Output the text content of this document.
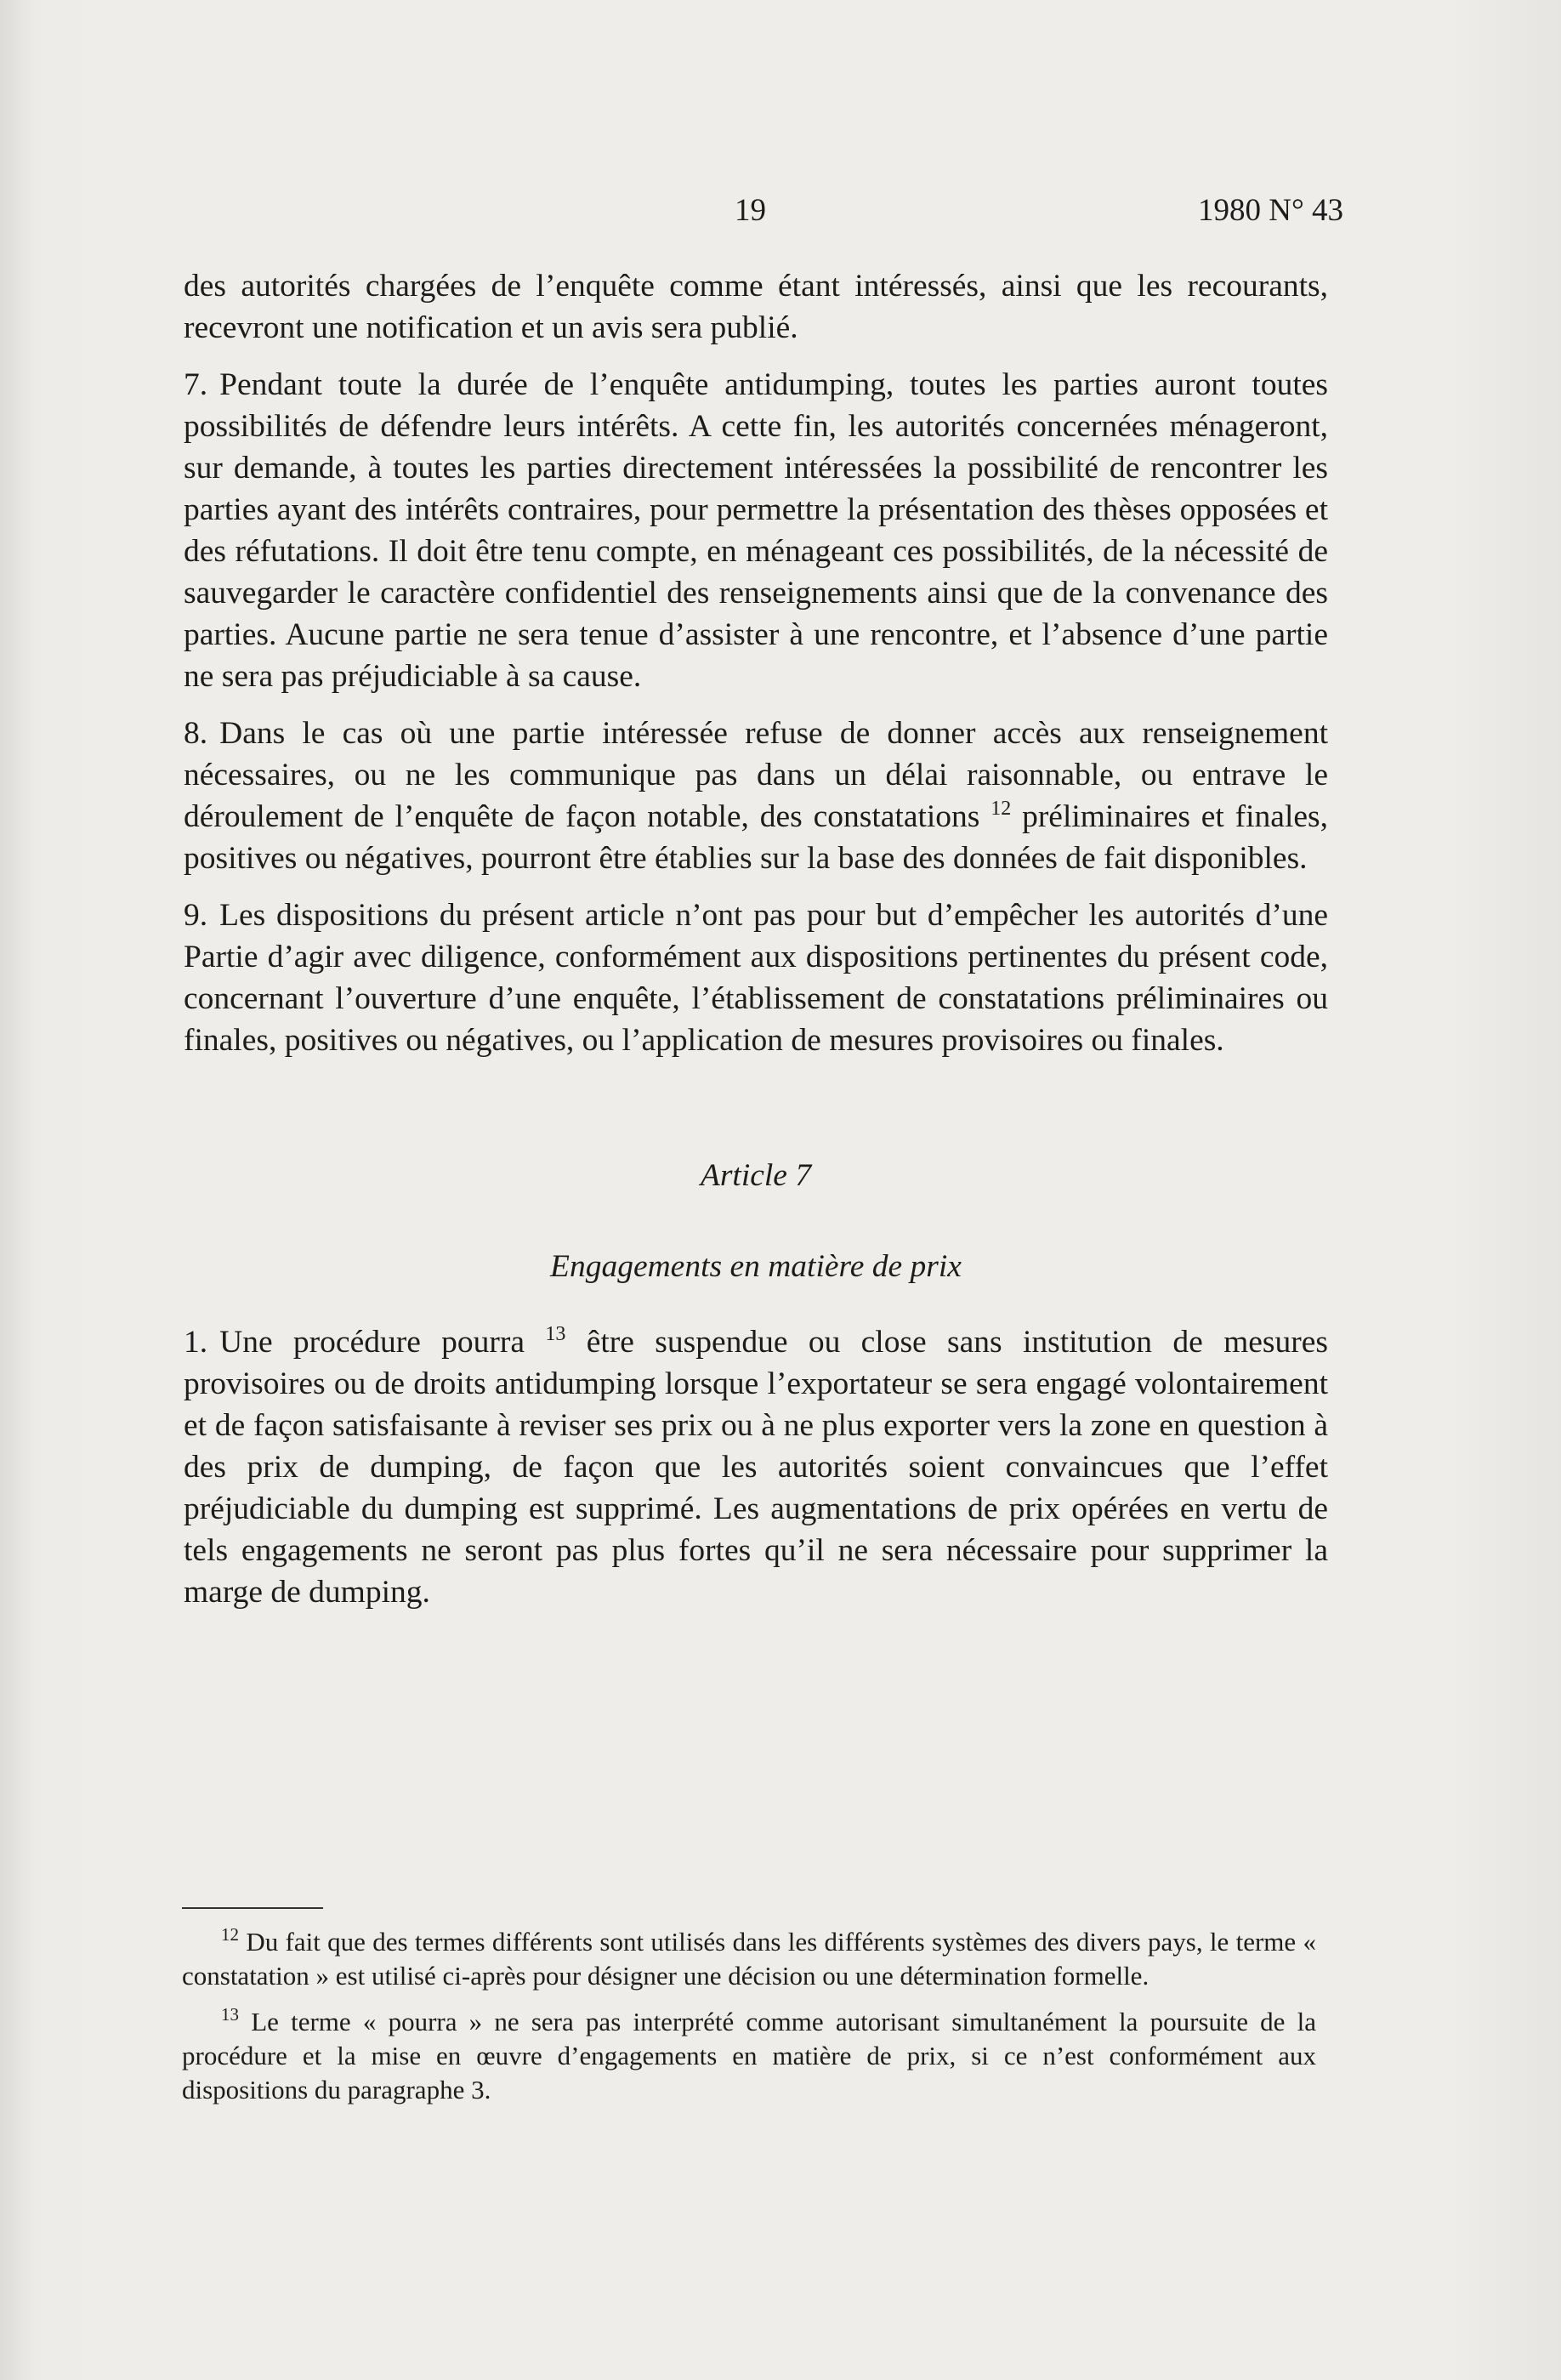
19	1980 N° 43

des autorités chargées de l’enquête comme étant intéressés, ainsi que les recourants, recevront une notification et un avis sera publié.

7. Pendant toute la durée de l’enquête antidumping, toutes les parties auront toutes possibilités de défendre leurs intérêts. A cette fin, les autorités concernées ménageront, sur demande, à toutes les parties directement intéressées la possibilité de rencontrer les parties ayant des intérêts contraires, pour permettre la présentation des thèses opposées et des réfutations. Il doit être tenu compte, en ménageant ces possibilités, de la nécessité de sauvegarder le caractère confidentiel des renseignements ainsi que de la convenance des parties. Aucune partie ne sera tenue d’assister à une rencontre, et l’absence d’une partie ne sera pas préjudiciable à sa cause.

8. Dans le cas où une partie intéressée refuse de donner accès aux renseignement nécessaires, ou ne les communique pas dans un délai raisonnable, ou entrave le déroulement de l’enquête de façon notable, des constatations $^{12}$ préliminaires et finales, positives ou négatives, pourront être établies sur la base des données de fait disponibles.

9. Les dispositions du présent article n’ont pas pour but d’empêcher les autorités d’une Partie d’agir avec diligence, conformément aux dispositions pertinentes du présent code, concernant l’ouverture d’une enquête, l’établissement de constatations préliminaires ou finales, positives ou négatives, ou l’application de mesures provisoires ou finales.

Article 7

Engagements en matière de prix

1. Une procédure pourra $^{13}$ être suspendue ou close sans institution de mesures provisoires ou de droits antidumping lorsque l’exportateur se sera engagé volontairement et de façon satisfaisante à reviser ses prix ou à ne plus exporter vers la zone en question à des prix de dumping, de façon que les autorités soient convaincues que l’effet préjudiciable du dumping est supprimé. Les augmentations de prix opérées en vertu de tels engagements ne seront pas plus fortes qu’il ne sera nécessaire pour supprimer la marge de dumping.

$^{12}$ Du fait que des termes différents sont utilisés dans les différents systèmes des divers pays, le terme « constatation » est utilisé ci-après pour désigner une décision ou une détermination formelle.

$^{13}$ Le terme « pourra » ne sera pas interprété comme autorisant simultanément la poursuite de la procédure et la mise en œuvre d’engagements en matière de prix, si ce n’est conformément aux dispositions du paragraphe 3.
